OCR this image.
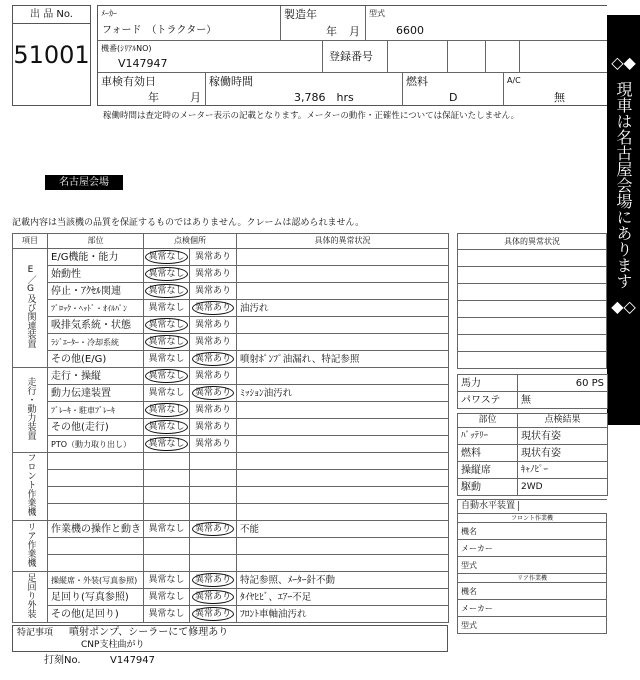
出 品 No.
51001
ﾒｰｶｰ
フォード　（トラクター）
製造年
年 月
型式
6600
機番(ｼﾘｱﾙNO)
V147947
登録番号
車検有効日
年	月
稼働時間
3,786　hrs
燃料
D
A/C
無
稼働時間は査定時のメーター表示の記載となります。メーターの動作・正確性については保証いたしません。
名古屋会場
◇◆
現車は名古屋会場にあります
◆◇
記載内容は当該機の品質を保証するものではありません。クレームは認められません。
項目	部位	点検個所		具体的異常状況
E／G及び関連装置	E/G機能・能力	異常なし	異常あり	
	始動性	異常なし	異常あり	
	停止・ｱｸｾﾙ関連	異常なし	異常あり	
	ﾌﾞﾛｯｸ・ﾍｯﾄﾞ・ｵｲﾙﾊﾟﾝ	異常なし	異常あり	油汚れ
	吸排気系統・状態	異常なし	異常あり	
	ﾗｼﾞｴｰﾀｰ・冷却系統	異常なし	異常あり	
	その他(E/G)	異常なし	異常あり	噴射ﾎﾟﾝﾌﾟ油漏れ、特記参照
走行・動力装置	走行・操縦	異常なし	異常あり	
	動力伝達装置	異常なし	異常あり	ﾐｯｼｮﾝ油汚れ
	ﾌﾞﾚｰｷ・駐車ﾌﾞﾚｰｷ	異常なし	異常あり	
	その他(走行)	異常なし	異常あり	
	PTO（動力取り出し）	異常なし	異常あり	
フロント作業機				

リア作業機	作業機の操作と動き	異常なし	異常あり	不能

足回り外装	操縦席・外装(写真参照)	異常なし	異常あり	特記参照、ﾒｰﾀｰ針不動
	足回り(写真参照)	異常なし	異常あり	ﾀｲﾔﾋﾋﾞ、ｴｱｰ不足
	その他(足回り)	異常なし	異常あり	ﾌﾛﾝﾄ車軸油汚れ
特記事項 噴射ポンプ、シーラーにて修理あり
CNP支柱曲がり
打刻No.	V147947
具体的異常状況

馬力	60 PS
パワステ	無
部位	点検結果
ﾊﾞｯﾃﾘｰ	現状有姿
燃料	現状有姿
操縦席	ｷｬﾉﾋﾟｰ
駆動	2WD
自動水平装置
フロント作業機
機名
メーカー
型式
リア作業機
機名
メーカー
型式
